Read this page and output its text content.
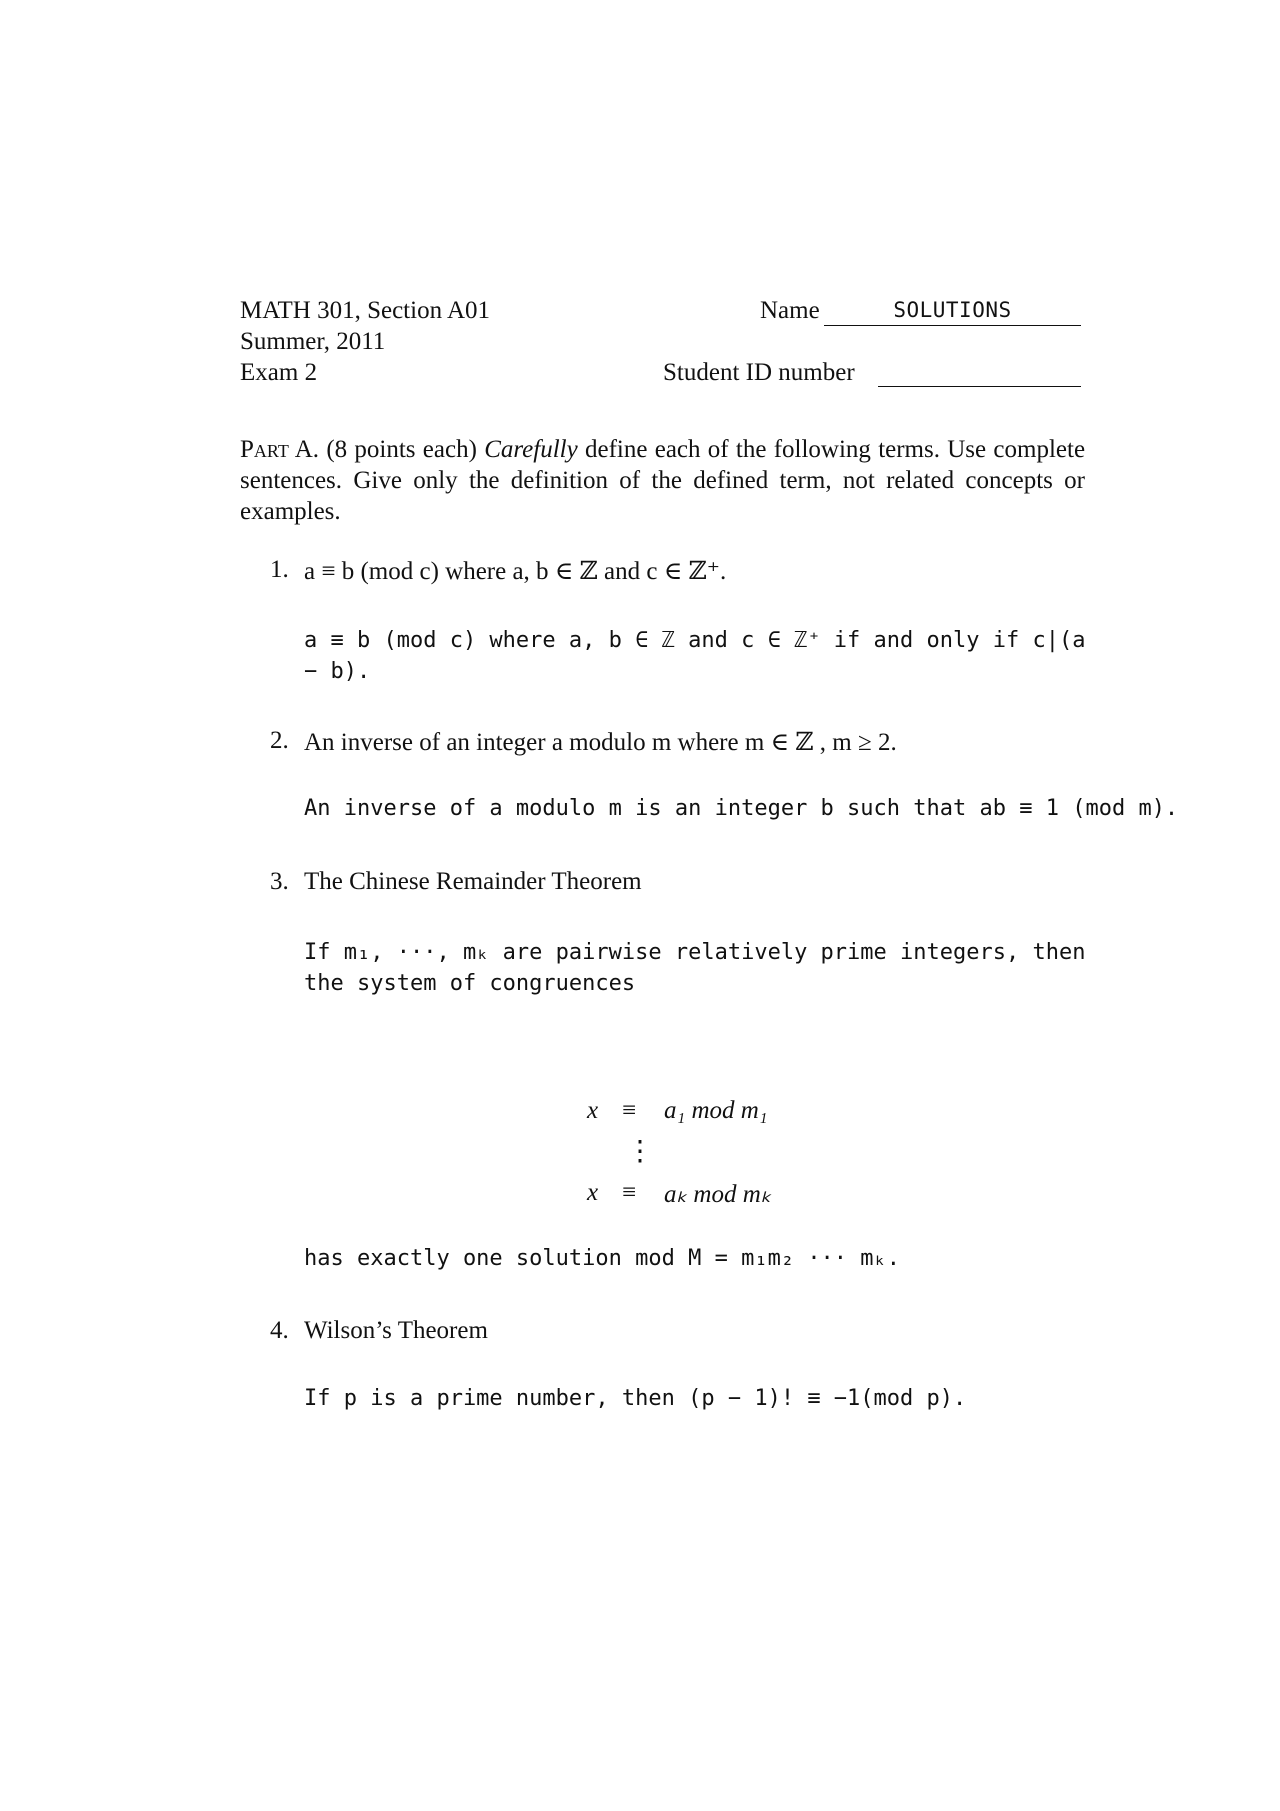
MATH 301, Section A01
Summer, 2011
Exam 2
Name	SOLUTIONS
Student ID number
Part A. (8 points each) Carefully define each of the following terms. Use complete sentences. Give only the definition of the defined term, not related concepts or examples.
1. a ≡ b (mod c) where a, b ∈ ℤ and c ∈ ℤ⁺.
a ≡ b (mod c) where a, b ∈ ℤ and c ∈ ℤ⁺ if and only if c|(a − b).
2. An inverse of an integer a modulo m where m ∈ ℤ , m ≥ 2.
An inverse of a modulo m is an integer b such that ab ≡ 1 (mod m).
3. The Chinese Remainder Theorem
If m₁, ···, mₖ are pairwise relatively prime integers, then the system of congruences
x ≡ a₁ mod m₁
⋮
x ≡ aₖ mod mₖ
has exactly one solution mod M = m₁m₂ ··· mₖ.
4. Wilson’s Theorem
If p is a prime number, then (p − 1)! ≡ −1(mod p).
